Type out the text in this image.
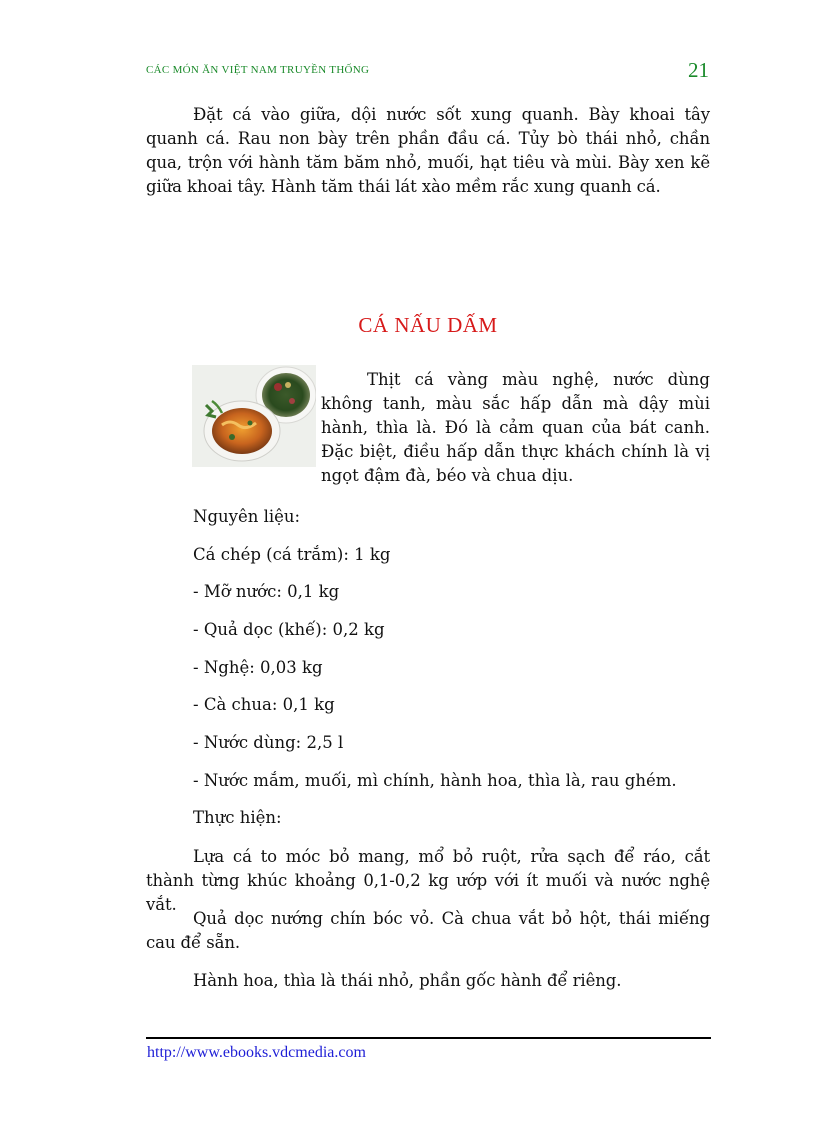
CÁC MÓN ĂN VIỆT NAM TRUYỀN THỐNG	21
Đặt cá vào giữa, dội nước sốt xung quanh. Bày khoai tây quanh cá. Rau non bày trên phần đầu cá. Tủy bò thái nhỏ, chần qua, trộn với hành tăm băm nhỏ, muối, hạt tiêu và mùi. Bày xen kẽ giữa khoai tây. Hành tăm thái lát xào mềm rắc xung quanh cá.
CÁ NẤU DẤM
Thịt cá vàng màu nghệ, nước dùng không tanh, màu sắc hấp dẫn mà dậy mùi hành, thìa là. Đó là cảm quan của bát canh. Đặc biệt, điều hấp dẫn thực khách chính là vị ngọt đậm đà, béo và chua dịu.
Nguyên liệu:
Cá chép (cá trắm): 1 kg
- Mỡ nước: 0,1 kg
- Quả dọc (khế): 0,2 kg
- Nghệ: 0,03 kg
- Cà chua: 0,1 kg
- Nước dùng: 2,5 l
- Nước mắm, muối, mì chính, hành hoa, thìa là, rau ghém.
Thực hiện:
Lựa cá to móc bỏ mang, mổ bỏ ruột, rửa sạch để ráo, cắt thành từng khúc khoảng 0,1-0,2 kg ướp với ít muối và nước nghệ vắt.
Quả dọc nướng chín bóc vỏ. Cà chua vắt bỏ hột, thái miếng cau để sẵn.
Hành hoa, thìa là thái nhỏ, phần gốc hành để riêng.
http://www.ebooks.vdcmedia.com
